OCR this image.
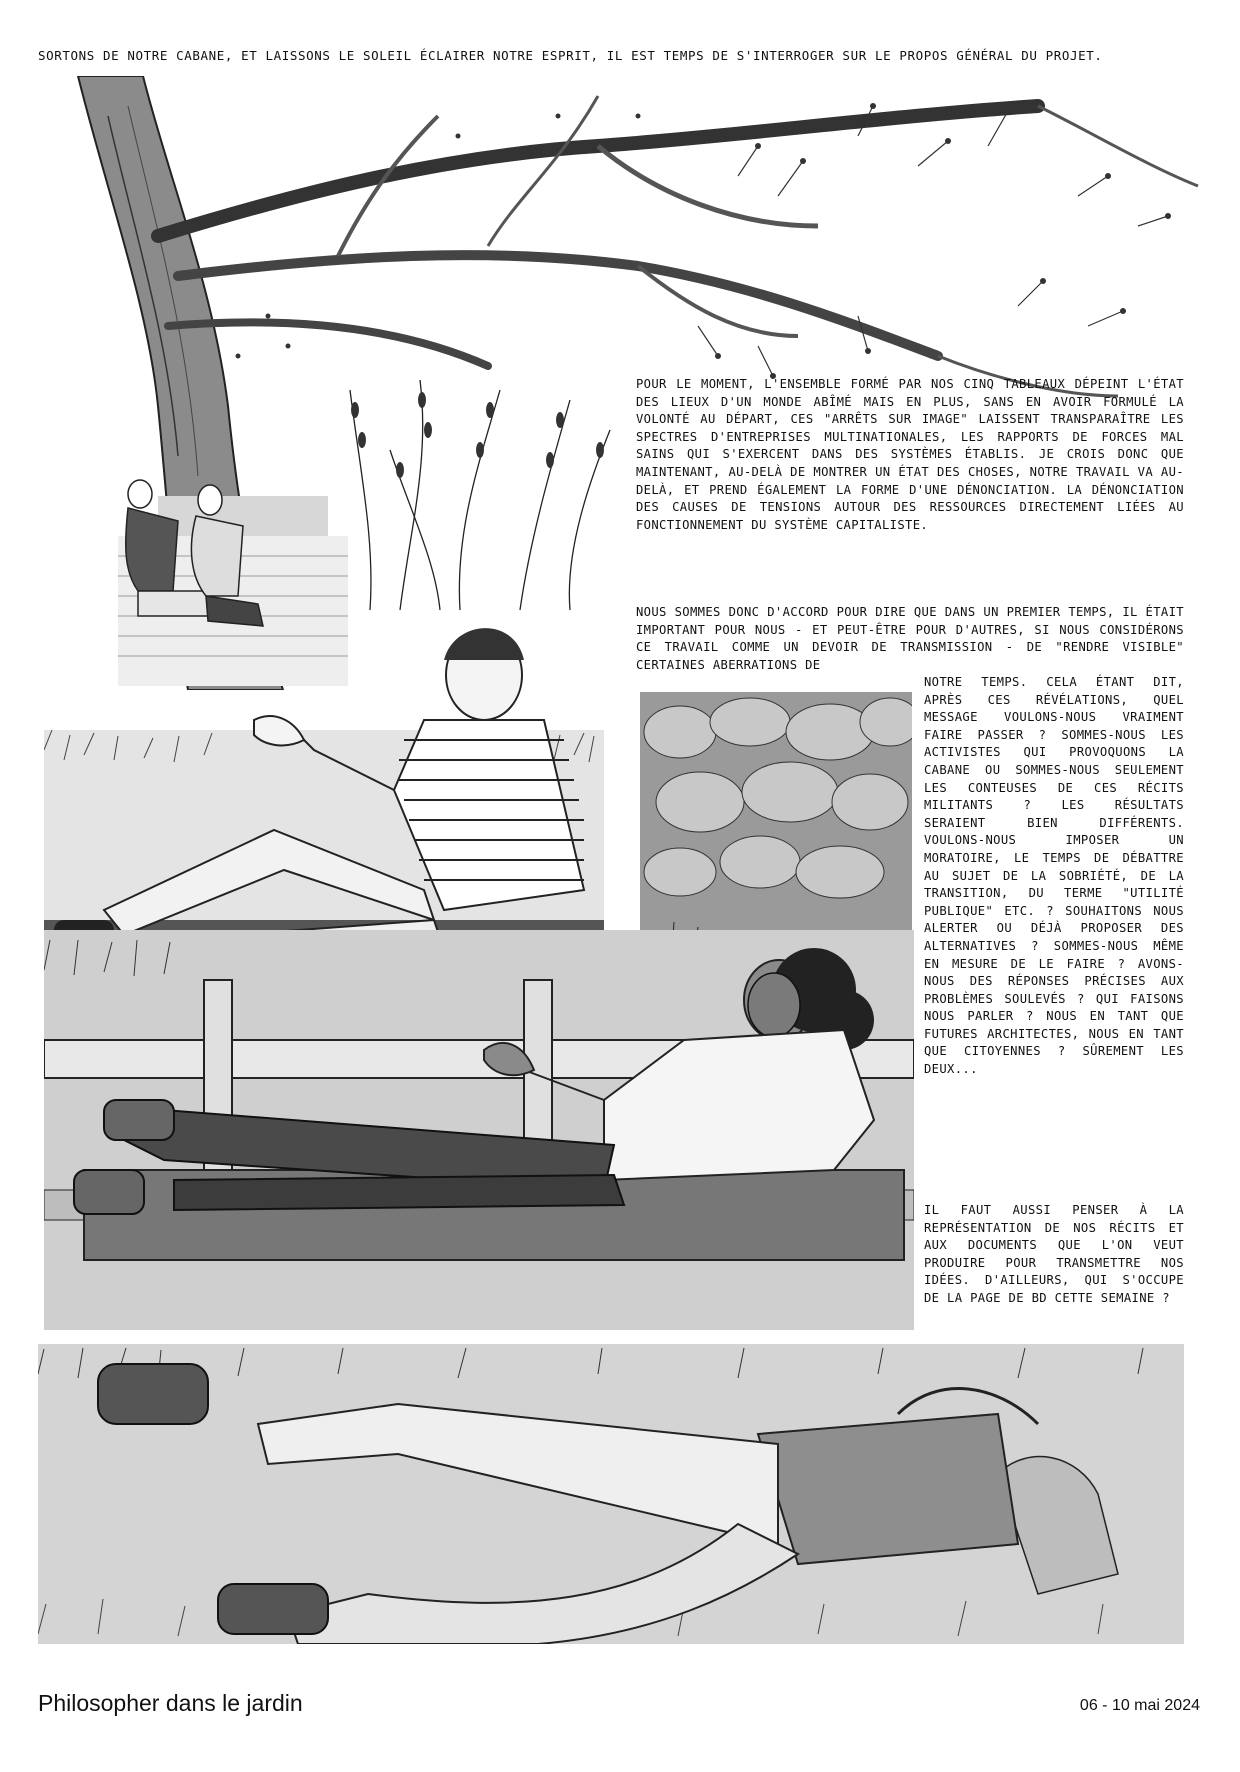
SORTONS DE NOTRE CABANE, ET LAISSONS LE SOLEIL ÉCLAIRER NOTRE ESPRIT, IL EST TEMPS DE S'INTERROGER SUR LE PROPOS GÉNÉRAL DU PROJET.
POUR LE MOMENT, L'ENSEMBLE FORMÉ PAR NOS CINQ TABLEAUX DÉPEINT L'ÉTAT DES LIEUX D'UN MONDE ABÎMÉ MAIS EN PLUS, SANS EN AVOIR FORMULÉ LA VOLONTÉ AU DÉPART, CES "ARRÊTS SUR IMAGE" LAISSENT TRANSPARAÎTRE LES SPECTRES D'ENTREPRISES MULTINATIONALES, LES RAPPORTS DE FORCES MAL SAINS QUI S'EXERCENT DANS DES SYSTÈMES ÉTABLIS. JE CROIS DONC QUE MAINTENANT, AU-DELÀ DE MONTRER UN ÉTAT DES CHOSES, NOTRE TRAVAIL VA AU-DELÀ, ET PREND ÉGALEMENT LA FORME D'UNE DÉNONCIATION. LA DÉNONCIATION DES CAUSES DE TENSIONS AUTOUR DES RESSOURCES DIRECTEMENT LIÉES AU FONCTIONNEMENT DU SYSTÈME CAPITALISTE.
NOUS SOMMES DONC D'ACCORD POUR DIRE QUE DANS UN PREMIER TEMPS, IL ÉTAIT IMPORTANT POUR NOUS - ET PEUT-ÊTRE POUR D'AUTRES, SI NOUS CONSIDÉRONS CE TRAVAIL COMME UN DEVOIR DE TRANSMISSION - DE "RENDRE VISIBLE" CERTAINES ABERRATIONS DE
NOTRE TEMPS. CELA ÉTANT DIT, APRÈS CES RÉVÉLATIONS, QUEL MESSAGE VOULONS-NOUS VRAIMENT FAIRE PASSER ? SOMMES-NOUS LES ACTIVISTES QUI PROVOQUONS LA CABANE OU SOMMES-NOUS SEULEMENT LES CONTEUSES DE CES RÉCITS MILITANTS ? LES RÉSULTATS SERAIENT BIEN DIFFÉRENTS. VOULONS-NOUS IMPOSER UN MORATOIRE, LE TEMPS DE DÉBATTRE AU SUJET DE LA SOBRIÉTÉ, DE LA TRANSITION, DU TERME "UTILITÉ PUBLIQUE" ETC. ? SOUHAITONS NOUS ALERTER OU DÉJÀ PROPOSER DES ALTERNATIVES ? SOMMES-NOUS MÊME EN MESURE DE LE FAIRE ? AVONS-NOUS DES RÉPONSES PRÉCISES AUX PROBLÈMES SOULEVÉS ? QUI FAISONS NOUS PARLER ? NOUS EN TANT QUE FUTURES ARCHITECTES, NOUS EN TANT QUE CITOYENNES ? SÛREMENT LES DEUX...
IL FAUT AUSSI PENSER À LA REPRÉSENTATION DE NOS RÉCITS ET AUX DOCUMENTS QUE L'ON VEUT PRODUIRE POUR TRANSMETTRE NOS IDÉES. D'AILLEURS, QUI S'OCCUPE DE LA PAGE DE BD CETTE SEMAINE ?
Philosopher dans le jardin	06 - 10 mai 2024
